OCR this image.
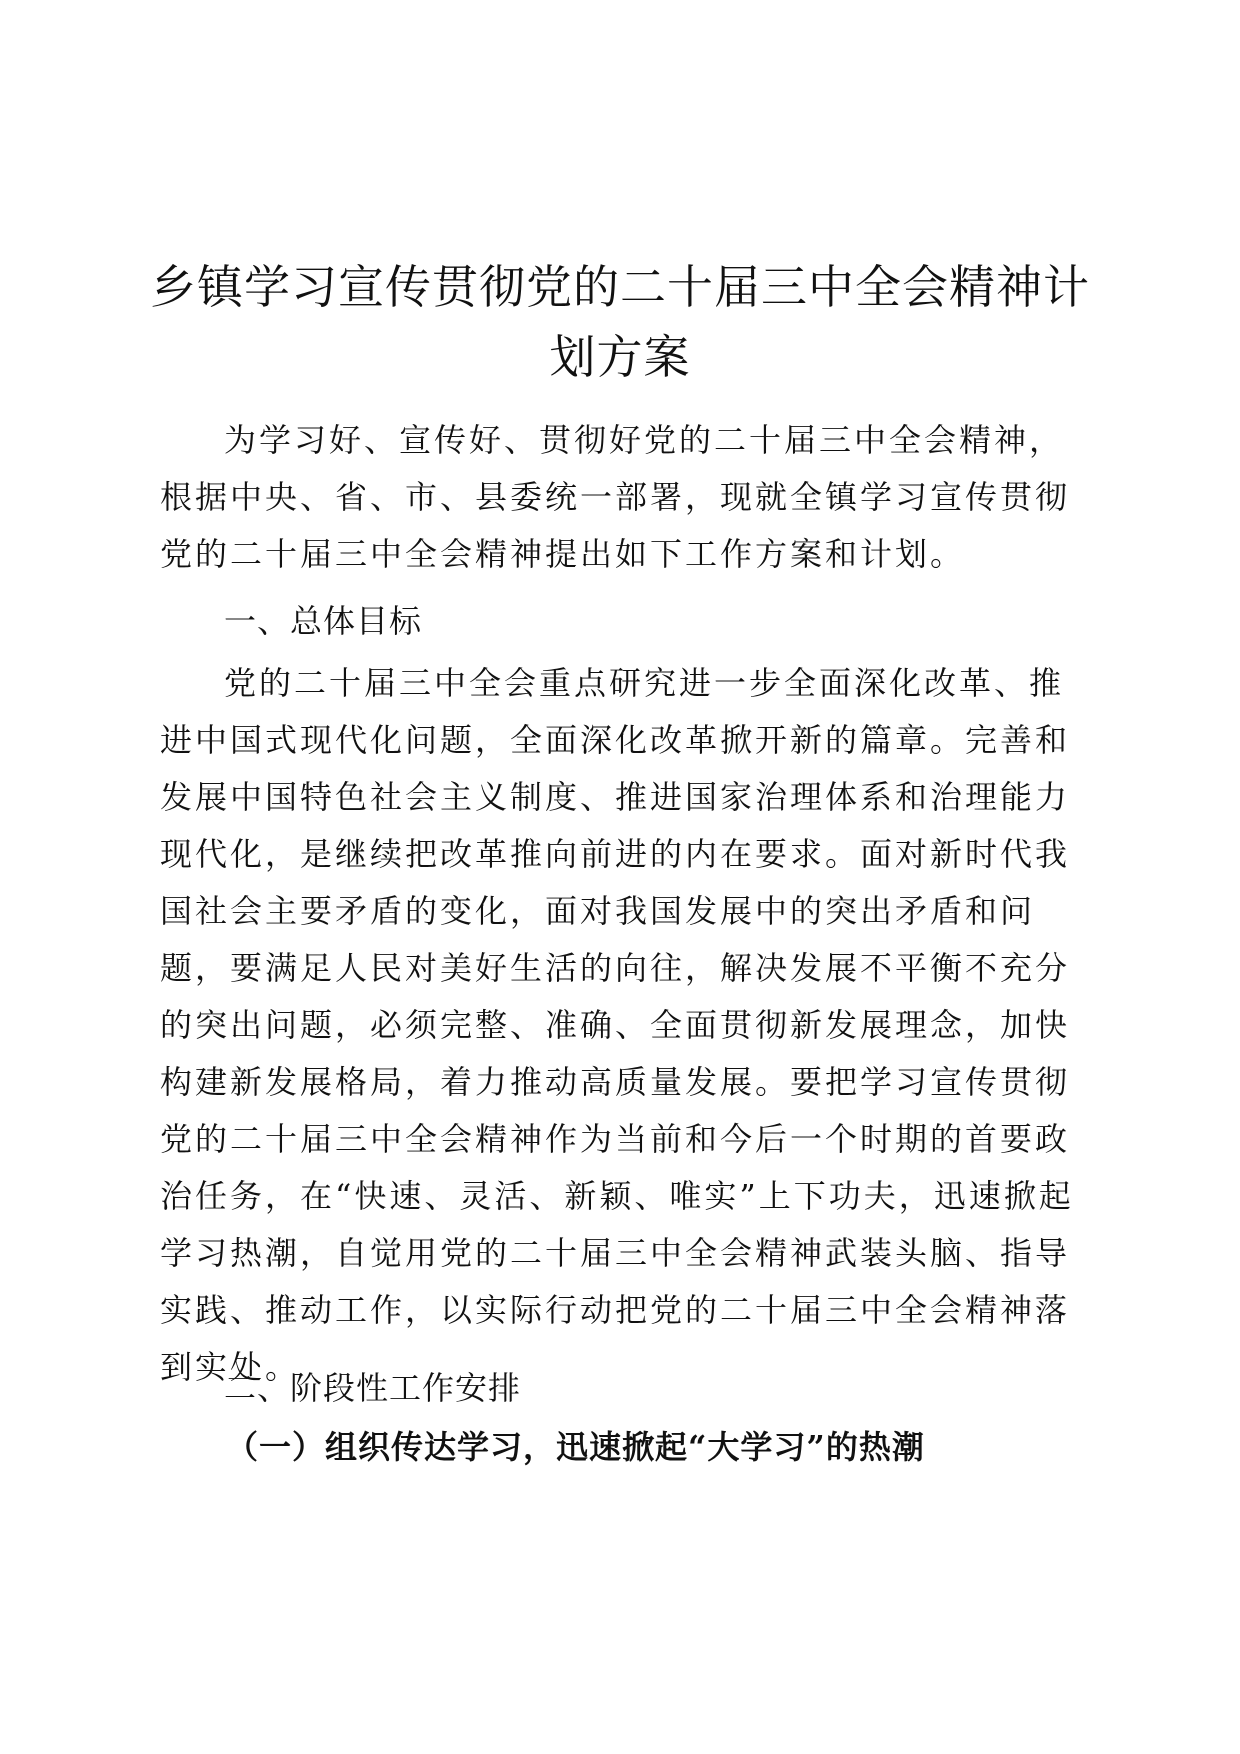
乡镇学习宣传贯彻党的二十届三中全会精神计划方案

为学习好、宣传好、贯彻好党的二十届三中全会精神，根据中央、省、市、县委统一部署，现就全镇学习宣传贯彻党的二十届三中全会精神提出如下工作方案和计划。

一、总体目标

党的二十届三中全会重点研究进一步全面深化改革、推进中国式现代化问题，全面深化改革掀开新的篇章。完善和发展中国特色社会主义制度、推进国家治理体系和治理能力现代化，是继续把改革推向前进的内在要求。面对新时代我国社会主要矛盾的变化，面对我国发展中的突出矛盾和问题，要满足人民对美好生活的向往，解决发展不平衡不充分的突出问题，必须完整、准确、全面贯彻新发展理念，加快构建新发展格局，着力推动高质量发展。要把学习宣传贯彻党的二十届三中全会精神作为当前和今后一个时期的首要政治任务，在“快速、灵活、新颖、唯实”上下功夫，迅速掀起学习热潮，自觉用党的二十届三中全会精神武装头脑、指导实践、推动工作，以实际行动把党的二十届三中全会精神落到实处。

二、阶段性工作安排
（一）组织传达学习，迅速掀起“大学习”的热潮
